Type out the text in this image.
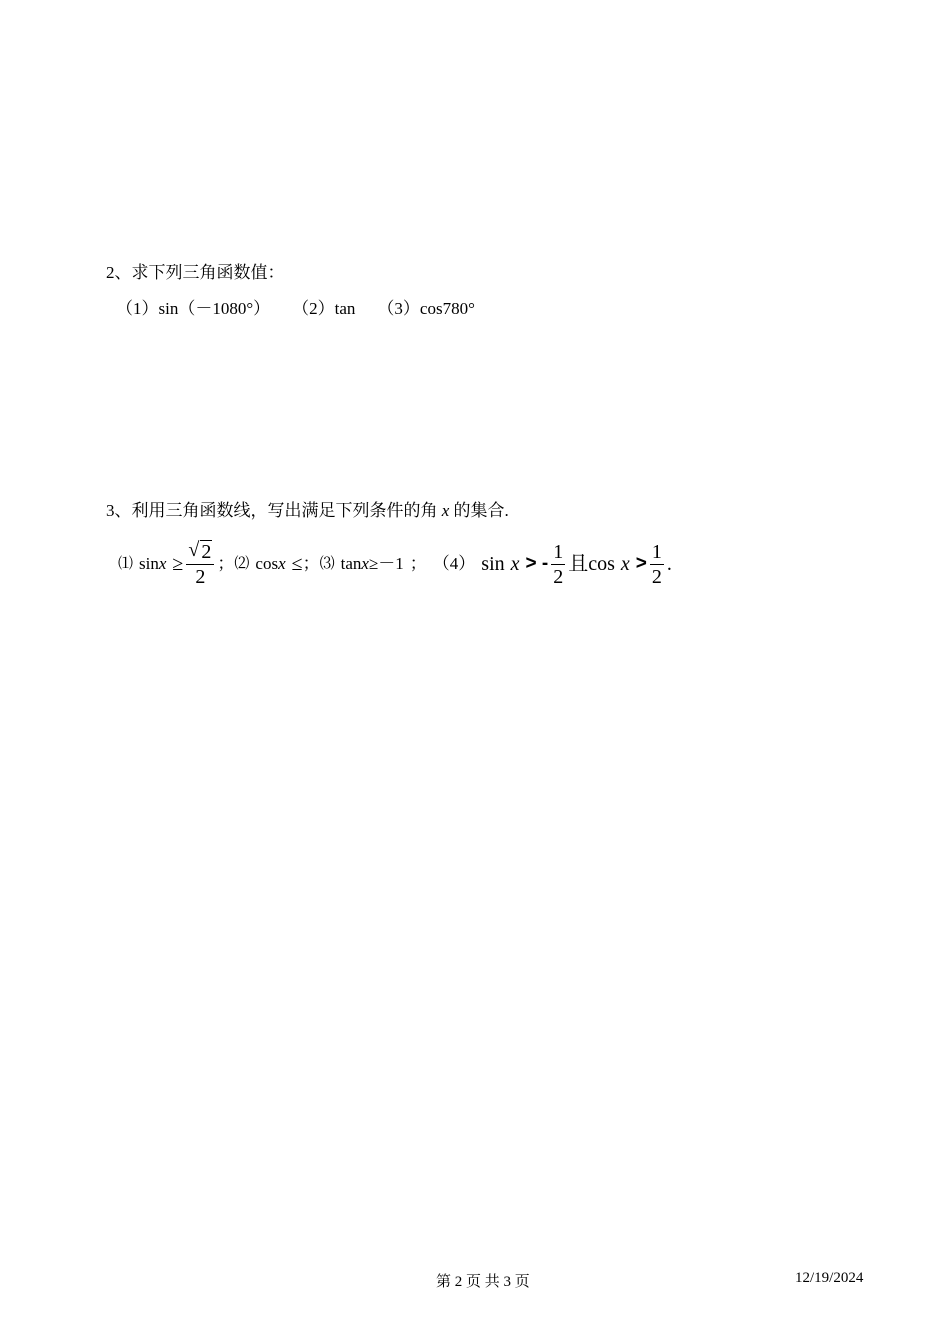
2、求下列三角函数值：
（1）sin（－1080°） （2）tan （3）cos780°
3、利用三角函数线，写出满足下列条件的角 x 的集合.
⑴ $\sin x \ge \frac{√ 2}{2}$ ； ⑵ cos x ≤ ； ⑶ tan x ≥－1 ； （4） sin x > - $\frac{1}{2}$ 且 $\cos x > \frac{1}{2}$ .
第 2 页 共 3 页	12/19/2024
